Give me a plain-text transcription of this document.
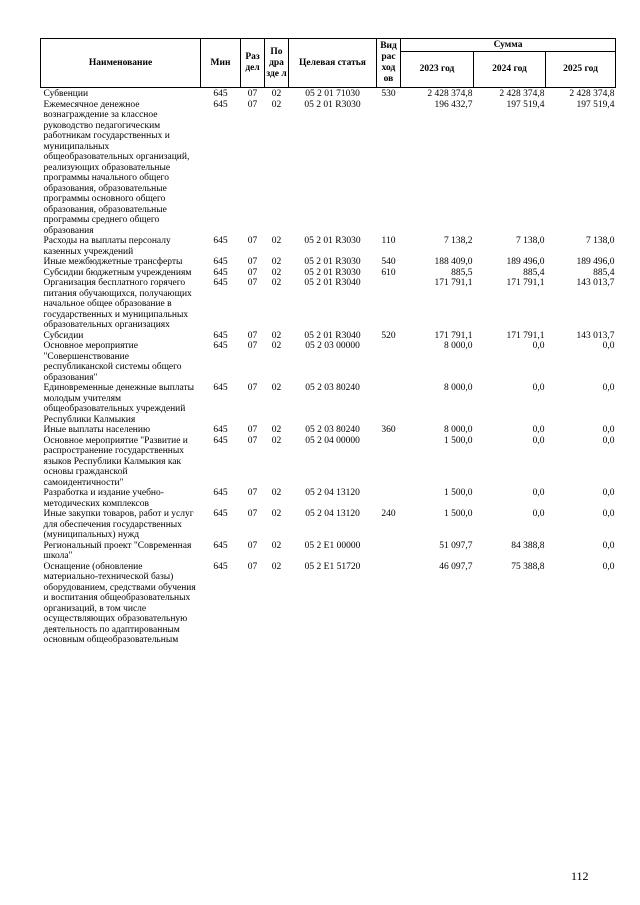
Наименование	Мин	Раз дел	По дра зде л	Целевая статья	Вид рас ход ов	Сумма		
						2023 год	2024 год	2025 год
Субвенции	645	07	02	05 2 01 71030	530	2 428 374,8	2 428 374,8	2 428 374,8
Ежемесячное денежное вознаграждение за классное руководство педагогическим работникам государственных и муниципальных общеобразовательных организаций, реализующих образовательные программы начального общего образования, образовательные программы основного общего образования, образовательные программы среднего общего образования	645	07	02	05 2 01 R3030		196 432,7	197 519,4	197 519,4
Расходы на выплаты персоналу казенных учреждений	645	07	02	05 2 01 R3030	110	7 138,2	7 138,0	7 138,0
Иные межбюджетные трансферты	645	07	02	05 2 01 R3030	540	188 409,0	189 496,0	189 496,0
Субсидии бюджетным учреждениям	645	07	02	05 2 01 R3030	610	885,5	885,4	885,4
Организация бесплатного горячего питания обучающихся, получающих начальное общее образование в государственных и муниципальных образовательных организациях	645	07	02	05 2 01 R3040		171 791,1	171 791,1	143 013,7
Субсидии	645	07	02	05 2 01 R3040	520	171 791,1	171 791,1	143 013,7
Основное мероприятие "Совершенствование республиканской системы общего образования"	645	07	02	05 2 03 00000		8 000,0	0,0	0,0
Единовременные денежные выплаты молодым учителям общеобразовательных учреждений Республики Калмыкия	645	07	02	05 2 03 80240		8 000,0	0,0	0,0
Иные выплаты населению	645	07	02	05 2 03 80240	360	8 000,0	0,0	0,0
Основное мероприятие "Развитие и распространение государственных языков Республики Калмыкия как основы гражданской самоидентичности"	645	07	02	05 2 04 00000		1 500,0	0,0	0,0
Разработка и издание учебно-методических комплексов	645	07	02	05 2 04 13120		1 500,0	0,0	0,0
Иные закупки товаров, работ и услуг для обеспечения государственных (муниципальных) нужд	645	07	02	05 2 04 13120	240	1 500,0	0,0	0,0
Региональный проект "Современная школа"	645	07	02	05 2 E1 00000		51 097,7	84 388,8	0,0
Оснащение (обновление материально-технической базы) оборудованием, средствами обучения и воспитания общеобразовательных организаций, в том числе осуществляющих образовательную деятельность по адаптированным основным общеобразовательным	645	07	02	05 2 E1 51720		46 097,7	75 388,8	0,0
112
